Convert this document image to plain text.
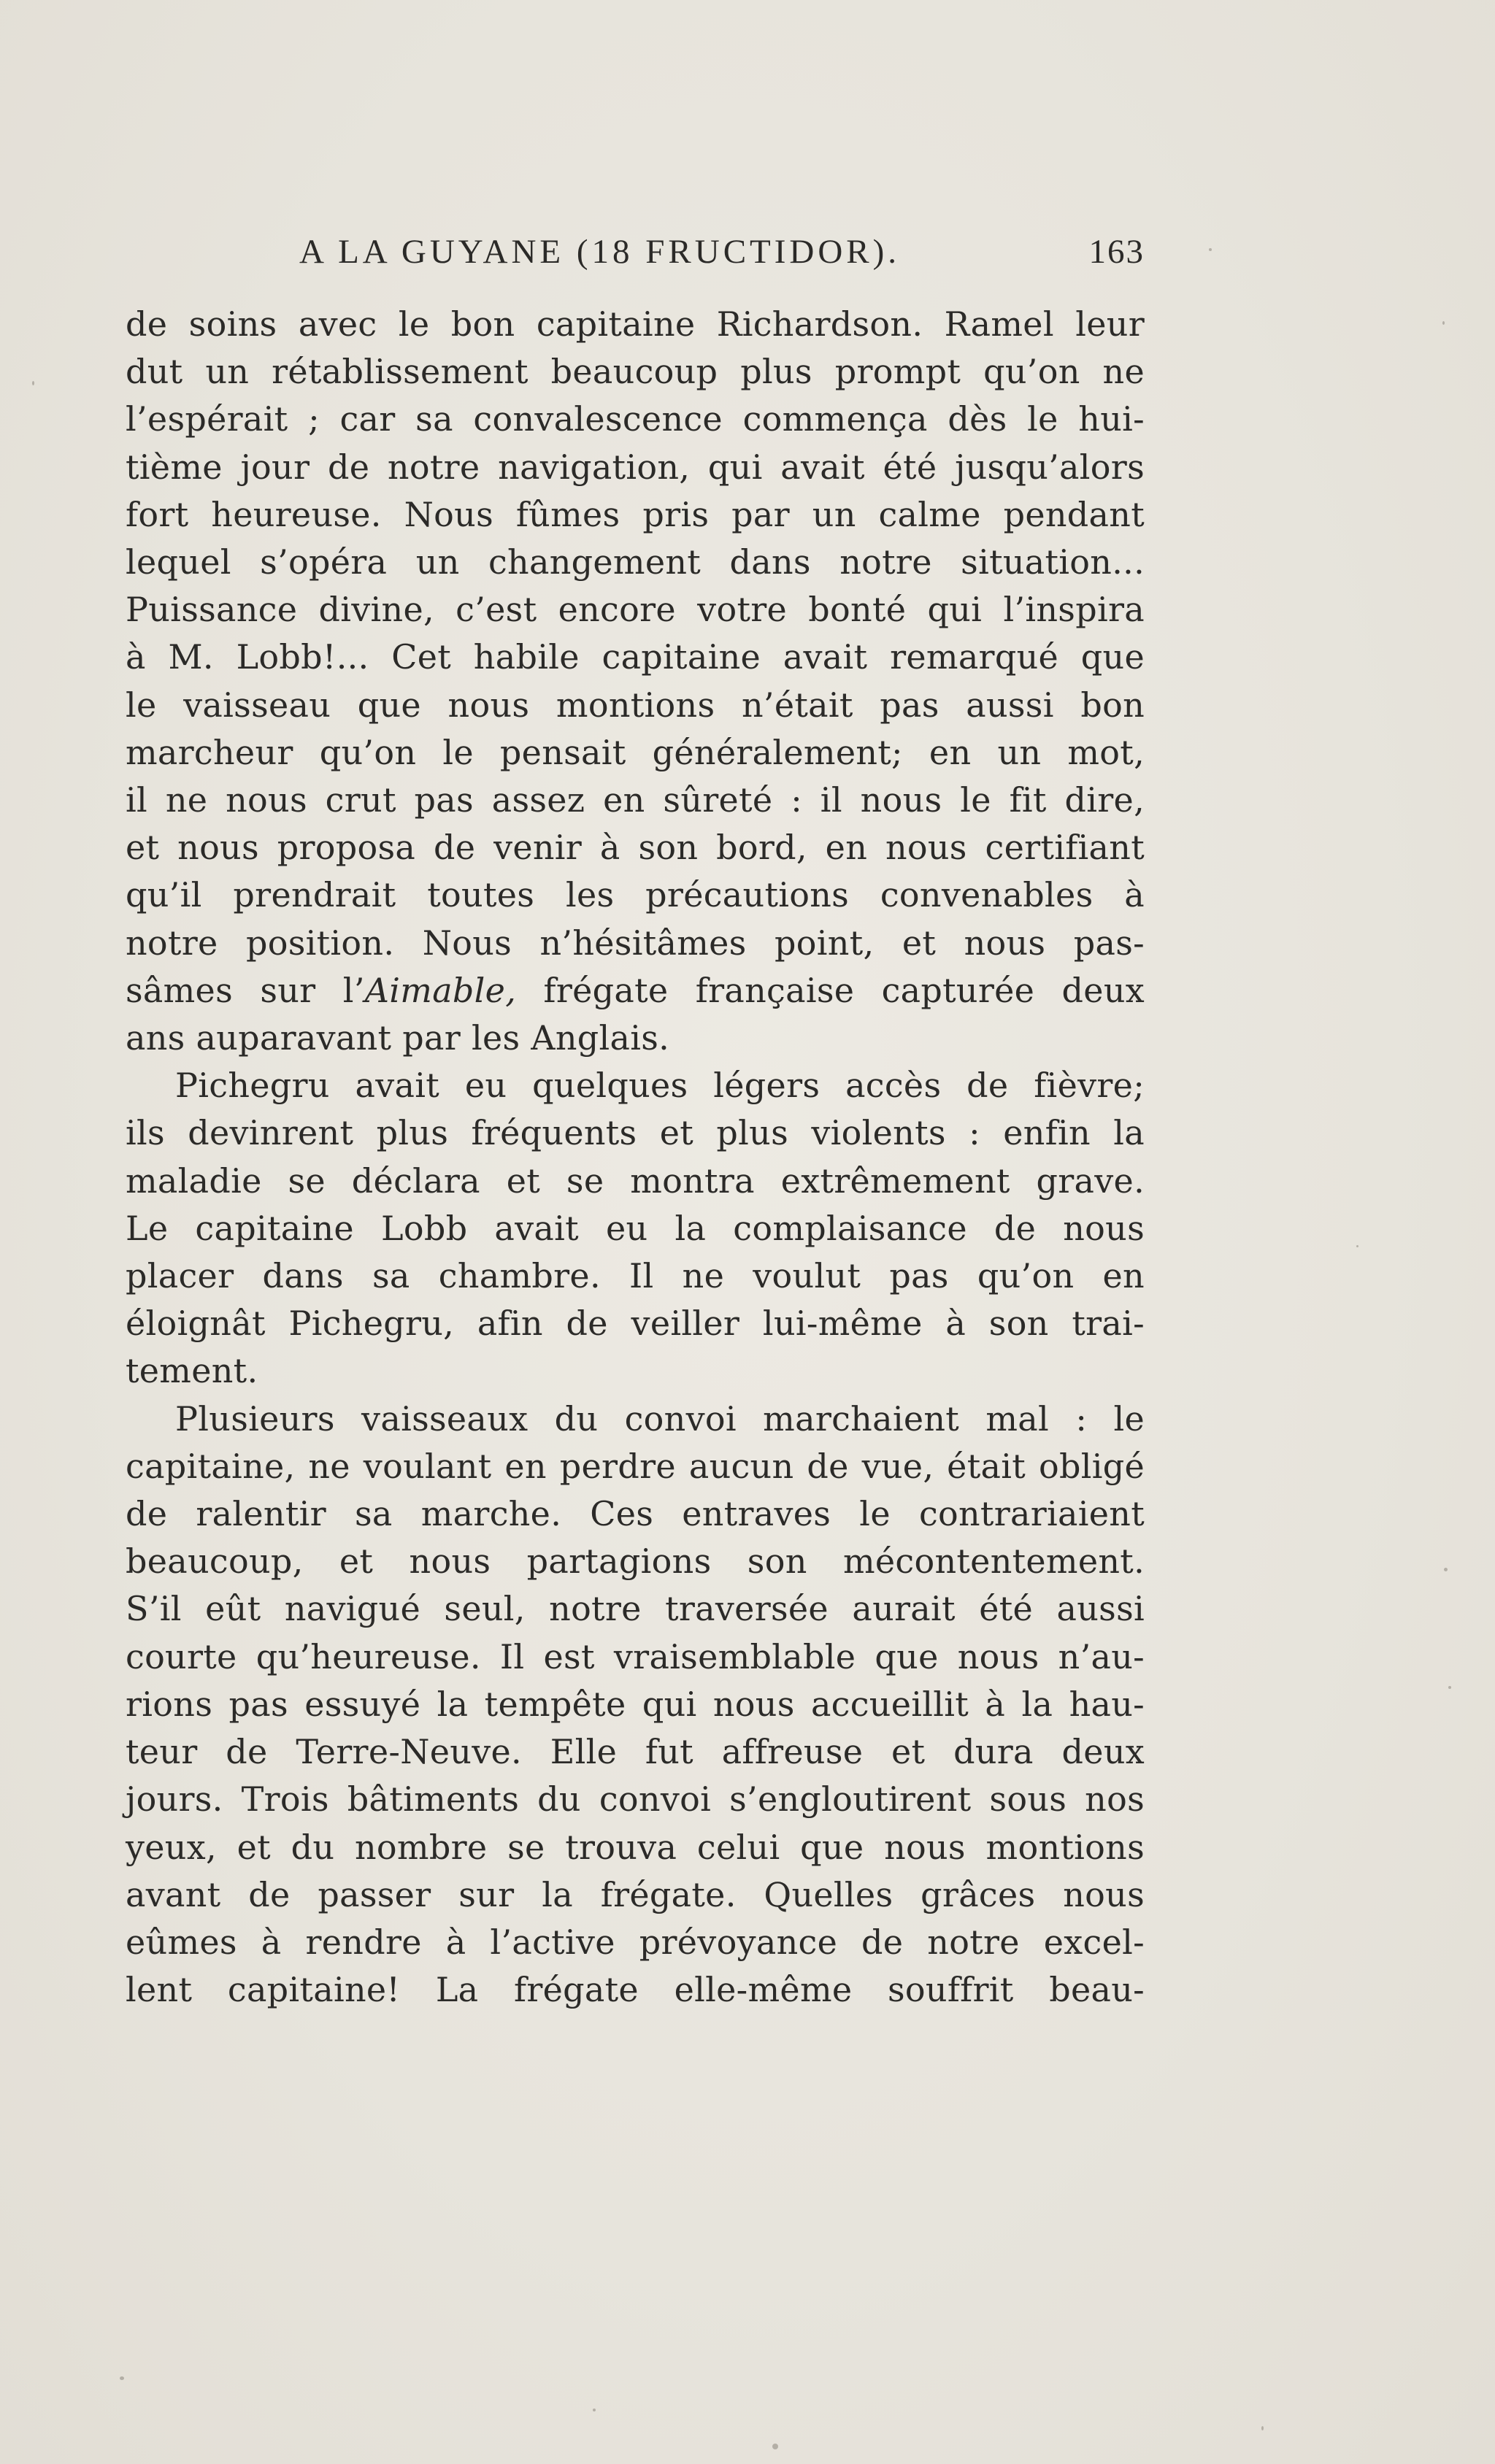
A LA GUYANE (18 FRUCTIDOR).	163

de soins avec le bon capitaine Richardson. Ramel leur

dut un rétablissement beaucoup plus prompt qu’on ne

l’espérait ; car sa convalescence commença dès le hui-

tième jour de notre navigation, qui avait été jusqu’alors

fort heureuse. Nous fûmes pris par un calme pendant

lequel s’opéra un changement dans notre situation...

Puissance divine, c’est encore votre bonté qui l’inspira

à M. Lobb!... Cet habile capitaine avait remarqué que

le vaisseau que nous montions n’était pas aussi bon

marcheur qu’on le pensait généralement; en un mot,

il ne nous crut pas assez en sûreté : il nous le fit dire,

et nous proposa de venir à son bord, en nous certifiant

qu’il prendrait toutes les précautions convenables à

notre position. Nous n’hésitâmes point, et nous pas-

sâmes sur l’Aimable, frégate française capturée deux

ans auparavant par les Anglais.

Pichegru avait eu quelques légers accès de fièvre;

ils devinrent plus fréquents et plus violents : enfin la

maladie se déclara et se montra extrêmement grave.

Le capitaine Lobb avait eu la complaisance de nous

placer dans sa chambre. Il ne voulut pas qu’on en

éloignât Pichegru, afin de veiller lui-même à son trai-

tement.

Plusieurs vaisseaux du convoi marchaient mal : le

capitaine, ne voulant en perdre aucun de vue, était obligé

de ralentir sa marche. Ces entraves le contrariaient

beaucoup, et nous partagions son mécontentement.

S’il eût navigué seul, notre traversée aurait été aussi

courte qu’heureuse. Il est vraisemblable que nous n’au-

rions pas essuyé la tempête qui nous accueillit à la hau-

teur de Terre-Neuve. Elle fut affreuse et dura deux

jours. Trois bâtiments du convoi s’engloutirent sous nos

yeux, et du nombre se trouva celui que nous montions

avant de passer sur la frégate. Quelles grâces nous

eûmes à rendre à l’active prévoyance de notre excel-

lent capitaine! La frégate elle-même souffrit beau-
